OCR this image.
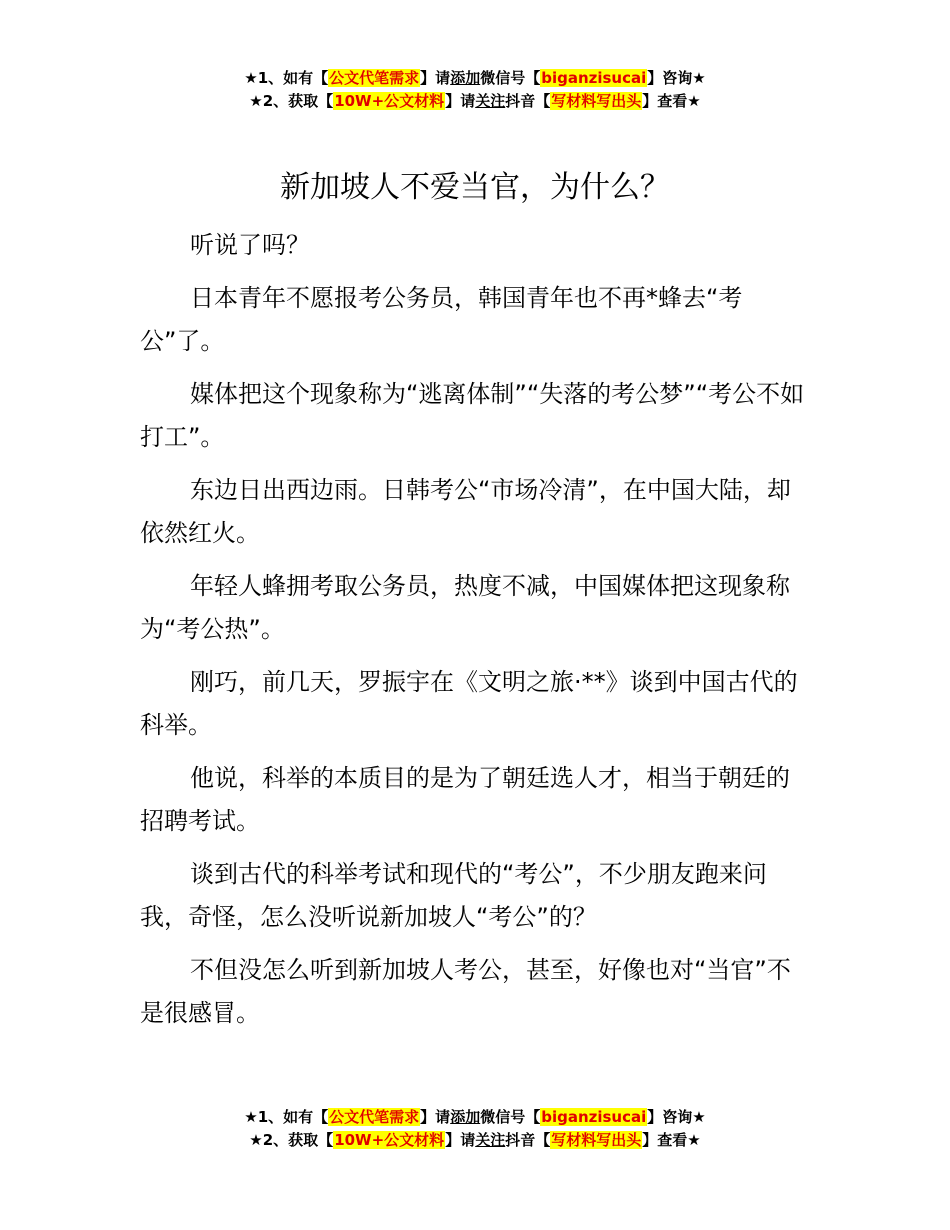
★1、如有【公文代笔需求】请添加微信号【biganzisucai】咨询★
★2、获取【10W+公文材料】请关注抖音【写材料写出头】查看★
新加坡人不爱当官，为什么？

听说了吗？

日本青年不愿报考公务员，韩国青年也不再*蜂去“考公”了。

媒体把这个现象称为“逃离体制”“失落的考公梦”“考公不如打工”。

东边日出西边雨。日韩考公“市场冷清”，在中国大陆，却依然红火。

年轻人蜂拥考取公务员，热度不减，中国媒体把这现象称为“考公热”。

刚巧，前几天，罗振宇在《文明之旅·**》谈到中国古代的科举。

他说，科举的本质目的是为了朝廷选人才，相当于朝廷的招聘考试。

谈到古代的科举考试和现代的“考公”，不少朋友跑来问我，奇怪，怎么没听说新加坡人“考公”的？

不但没怎么听到新加坡人考公，甚至，好像也对“当官”不是很感冒。

★1、如有【公文代笔需求】请添加微信号【biganzisucai】咨询★
★2、获取【10W+公文材料】请关注抖音【写材料写出头】查看★
